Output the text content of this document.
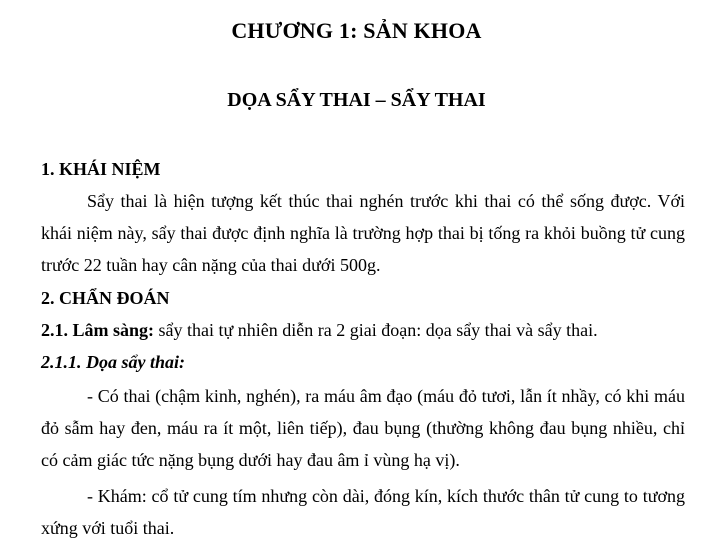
CHƯƠNG 1: SẢN KHOA
DỌA SẨY THAI – SẨY THAI
1. KHÁI NIỆM
Sẩy thai là hiện tượng kết thúc thai nghén trước khi thai có thể sống được. Với khái niệm này, sẩy thai được định nghĩa là trường hợp thai bị tống ra khỏi buồng tử cung trước 22 tuần hay cân nặng của thai dưới 500g.
2. CHẨN ĐOÁN
2.1. Lâm sàng: sẩy thai tự nhiên diễn ra 2 giai đoạn: dọa sẩy thai và sẩy thai.
2.1.1. Dọa sẩy thai:
- Có thai (chậm kinh, nghén), ra máu âm đạo (máu đỏ tươi, lẫn ít nhầy, có khi máu đỏ sẫm hay đen, máu ra ít một, liên tiếp), đau bụng (thường không đau bụng nhiều, chỉ có cảm giác tức nặng bụng dưới hay đau âm ỉ vùng hạ vị).
- Khám: cổ tử cung tím nhưng còn dài, đóng kín, kích thước thân tử cung to tương xứng với tuổi thai.
